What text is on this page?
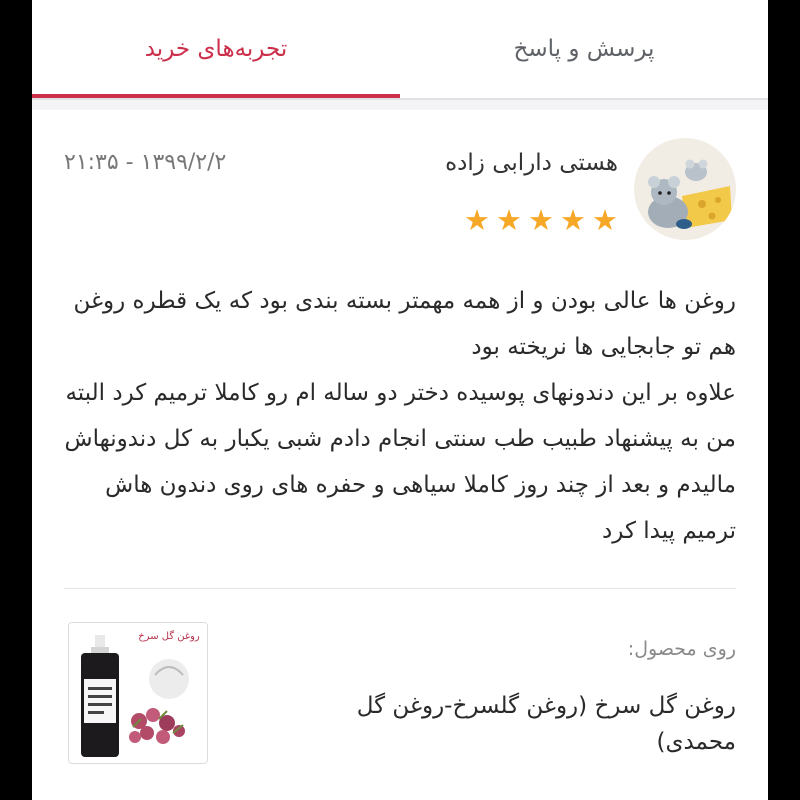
تجربه‌های خرید	پرسش و پاسخ
هستی دارابی زاده
★
★
★
★
★
۱۳۹۹/۲/۲ - ۲۱:۳۵

روغن ها عالی بودن و از همه مهمتر بسته بندی بود که یک قطره روغن هم تو جابجایی ها نریخته بود

علاوه بر این دندونهای پوسیده دختر دو ساله ام رو کاملا ترمیم کرد البته من به پیشنهاد طبیب طب سنتی انجام دادم شبی یکبار به کل دندونهاش مالیدم و بعد از چند روز کاملا سیاهی و حفره های روی دندون هاش ترمیم پیدا کرد

روی محصول:
روغن گل سرخ (روغن گلسرخ-روغن گل محمدی)
روغن گل سرخ
